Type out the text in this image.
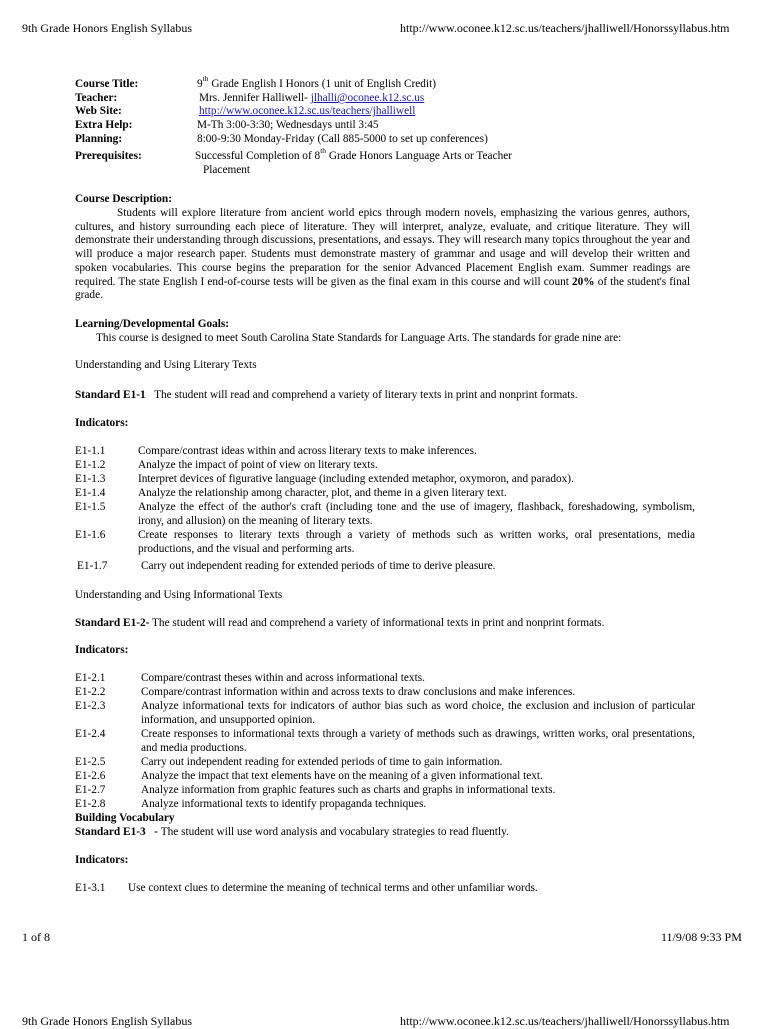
9th Grade Honors English Syllabus	http://www.oconee.k12.sc.us/teachers/jhalliwell/Honorssyllabus.htm
Course Title:	9th Grade English I Honors (1 unit of English Credit)
Teacher:	Mrs. Jennifer Halliwell- jlhalli@oconee.k12.sc.us
Web Site:	http://www.oconee.k12.sc.us/teachers/jhalliwell
Extra Help:	M-Th 3:00-3:30; Wednesdays until 3:45
Planning:	8:00-9:30 Monday-Friday (Call 885-5000 to set up conferences)
Prerequisites:	Successful Completion of 8th Grade Honors Language Arts or Teacher
Placement
Course Description:

Students will explore literature from ancient world epics through modern novels, emphasizing the various genres, authors, cultures, and history surrounding each piece of literature. They will interpret, analyze, evaluate, and critique literature. They will demonstrate their understanding through discussions, presentations, and essays. They will research many topics throughout the year and will produce a major research paper. Students must demonstrate mastery of grammar and usage and will develop their written and spoken vocabularies. This course begins the preparation for the senior Advanced Placement English exam. Summer readings are required. The state English I end-of-course tests will be given as the final exam in this course and will count 20% of the student's final grade.

Learning/Developmental Goals:
This course is designed to meet South Carolina State Standards for Language Arts. The standards for grade nine are:
Understanding and Using Literary Texts
Standard E1-1 The student will read and comprehend a variety of literary texts in print and nonprint formats.
Indicators:
E1-1.1	Compare/contrast ideas within and across literary texts to make inferences.
E1-1.2	Analyze the impact of point of view on literary texts.
E1-1.3	Interpret devices of figurative language (including extended metaphor, oxymoron, and paradox).
E1-1.4	Analyze the relationship among character, plot, and theme in a given literary text.
E1-1.5	Analyze the effect of the author's craft (including tone and the use of imagery, flashback, foreshadowing, symbolism, irony, and allusion) on the meaning of literary texts.
E1-1.6	Create responses to literary texts through a variety of methods such as written works, oral presentations, media productions, and the visual and performing arts.
E1-1.7	Carry out independent reading for extended periods of time to derive pleasure.
Understanding and Using Informational Texts
Standard E1-2- The student will read and comprehend a variety of informational texts in print and nonprint formats.
Indicators:
E1-2.1	Compare/contrast theses within and across informational texts.
E1-2.2	Compare/contrast information within and across texts to draw conclusions and make inferences.
E1-2.3	Analyze informational texts for indicators of author bias such as word choice, the exclusion and inclusion of particular information, and unsupported opinion.
E1-2.4	Create responses to informational texts through a variety of methods such as drawings, written works, oral presentations, and media productions.
E1-2.5	Carry out independent reading for extended periods of time to gain information.
E1-2.6	Analyze the impact that text elements have on the meaning of a given informational text.
E1-2.7	Analyze information from graphic features such as charts and graphs in informational texts.
E1-2.8	Analyze informational texts to identify propaganda techniques.
Building Vocabulary
Standard E1-3   - The student will use word analysis and vocabulary strategies to read fluently.
Indicators:
E1-3.1 Use context clues to determine the meaning of technical terms and other unfamiliar words.
1 of 8	11/9/08 9:33 PM
9th Grade Honors English Syllabus	http://www.oconee.k12.sc.us/teachers/jhalliwell/Honorssyllabus.htm
